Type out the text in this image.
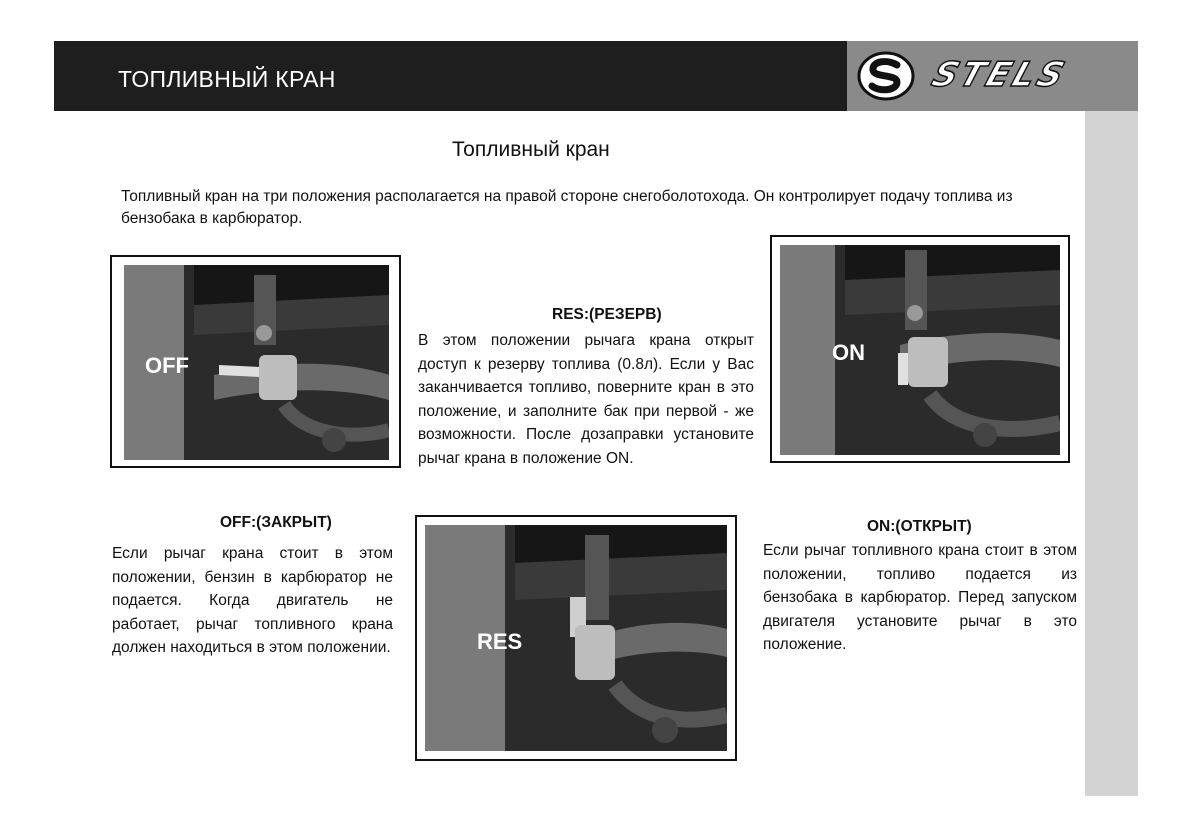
ТОПЛИВНЫЙ КРАН	STELS
Топливный кран
Топливный кран на три положения располагается на правой стороне снегоболотохода. Он контролирует подачу топлива из бензобака в карбюратор.
OFF
RES:(РЕЗЕРВ)
В этом положении рычага крана открыт доступ к резерву топлива (0.8л). Если у Вас заканчивается топливо, поверните кран в это положение, и заполните бак при первой - же возможности. После дозаправки установите рычаг крана в положение ON.
ON
OFF:(ЗАКРЫТ)
Если рычаг крана стоит в этом положении, бензин в карбюратор не подается. Когда двигатель не работает, рычаг топливного крана должен находиться в этом положении.	RES
ON:(ОТКРЫТ)
Если рычаг топливного крана стоит в этом положении, топливо подается из бензобака в карбюратор. Перед запуском двигателя установите рычаг в это положение.
